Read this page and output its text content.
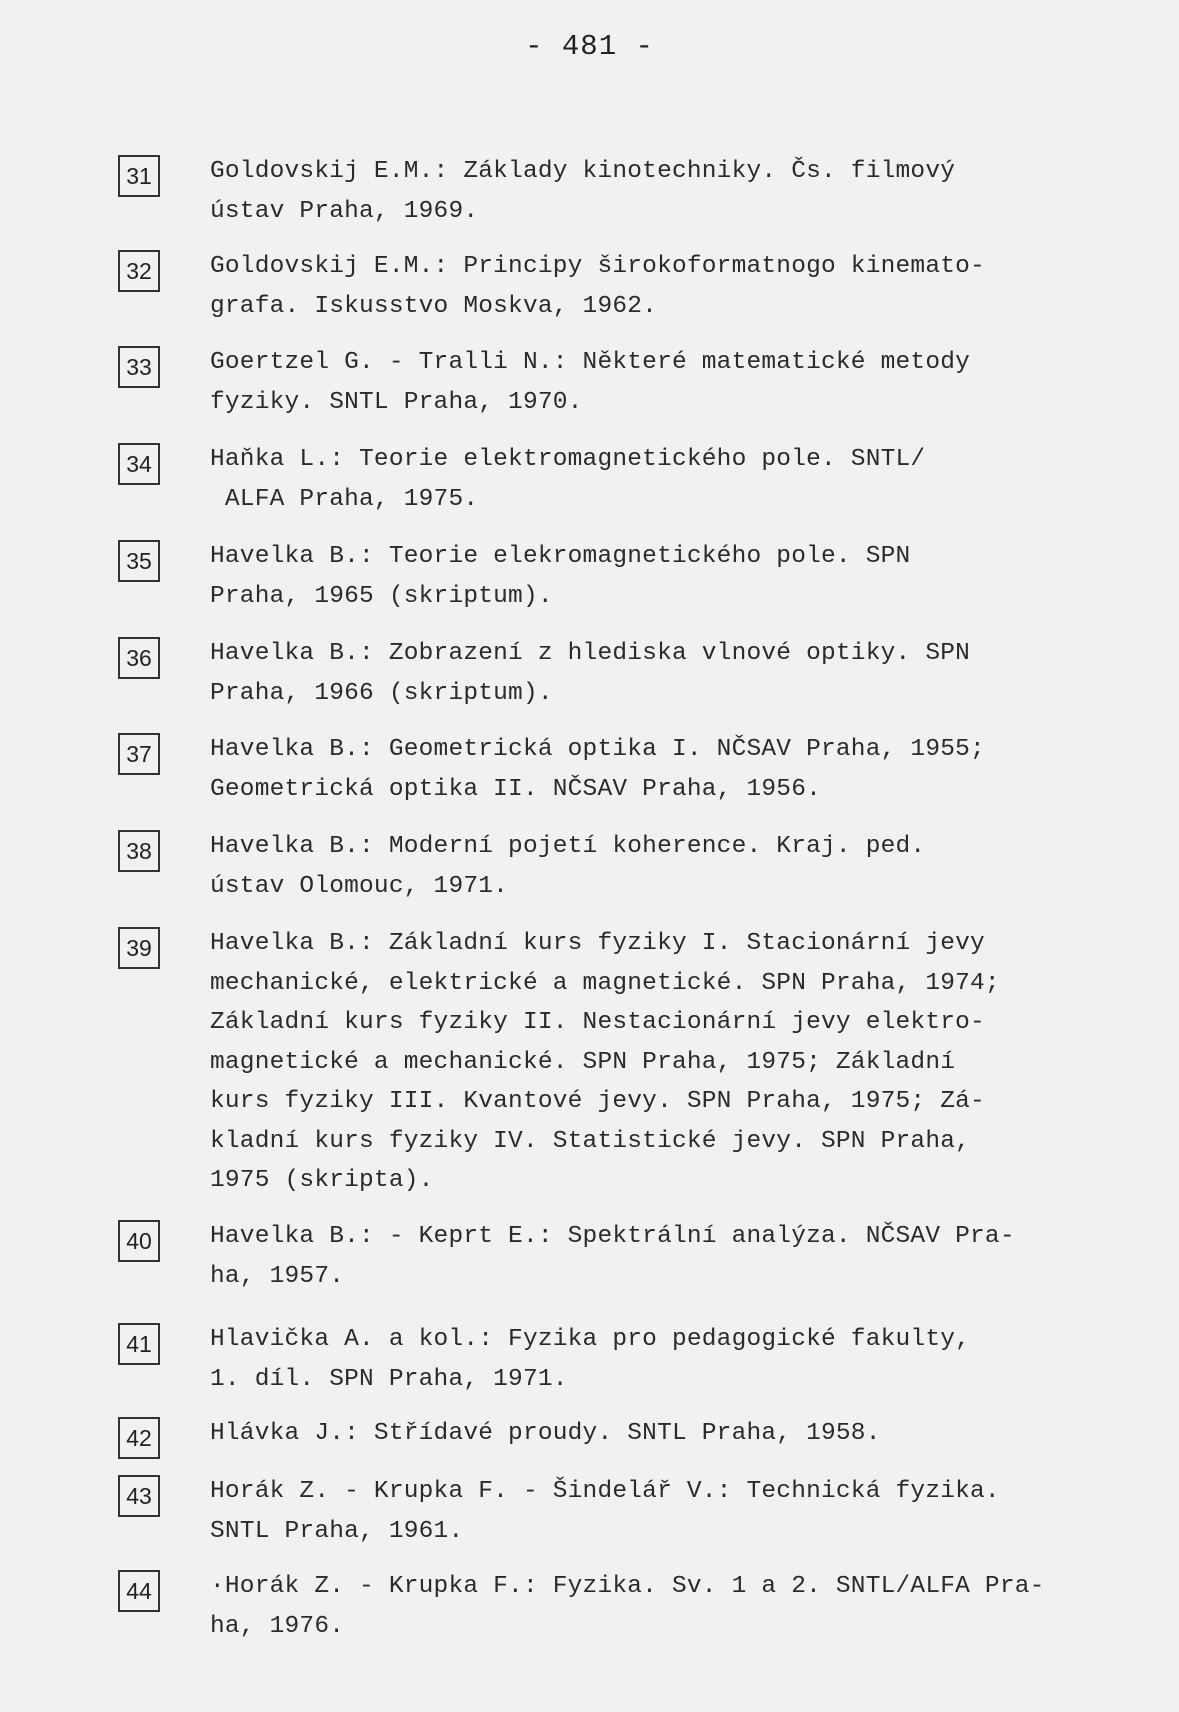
- 481 -
31	Goldovskij E.M.: Základy kinotechniky. Čs. filmový
ústav Praha, 1969.
32	Goldovskij E.M.: Principy širokoformatnogo kinemato-
grafa. Iskusstvo Moskva, 1962.
33	Goertzel G. - Tralli N.: Některé matematické metody
fyziky. SNTL Praha, 1970.
34	Haňka L.: Teorie elektromagnetického pole. SNTL/
ALFA Praha, 1975.
35	Havelka B.: Teorie elekromagnetického pole. SPN
Praha, 1965 (skriptum).
36	Havelka B.: Zobrazení z hlediska vlnové optiky. SPN
Praha, 1966 (skriptum).
37	Havelka B.: Geometrická optika I. NČSAV Praha, 1955;
Geometrická optika II. NČSAV Praha, 1956.
38	Havelka B.: Moderní pojetí koherence. Kraj. ped.
ústav Olomouc, 1971.
39	Havelka B.: Základní kurs fyziky I. Stacionární jevy
mechanické, elektrické a magnetické. SPN Praha, 1974;
Základní kurs fyziky II. Nestacionární jevy elektro-
magnetické a mechanické. SPN Praha, 1975; Základní
kurs fyziky III. Kvantové jevy. SPN Praha, 1975; Zá-
kladní kurs fyziky IV. Statistické jevy. SPN Praha,
1975 (skripta).
40	Havelka B.: - Keprt E.: Spektrální analýza. NČSAV Pra-
ha, 1957.
41	Hlavička A. a kol.: Fyzika pro pedagogické fakulty,
1. díl. SPN Praha, 1971.
42	Hlávka J.: Střídavé proudy. SNTL Praha, 1958.
43	Horák Z. - Krupka F. - Šindelář V.: Technická fyzika.
SNTL Praha, 1961.
44	·Horák Z. - Krupka F.: Fyzika. Sv. 1 a 2. SNTL/ALFA Pra-
ha, 1976.
